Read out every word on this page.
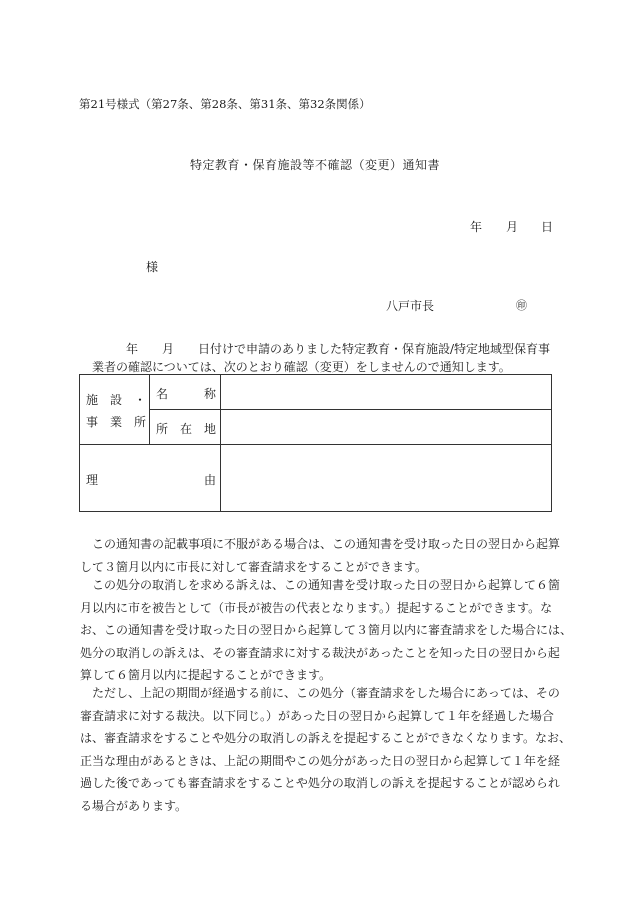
第21号様式（第27条、第28条、第31条、第32条関係）
特定教育・保育施設等不確認（変更）通知書
年 月 日
様
八戸市長	㊞
年 月 日付けで申請のありました特定教育・保育施設/特定地域型保育事
業者の確認については、次のとおり確認（変更）をしませんので通知します。
施　設　・
事　業　所
名　　　称
所　在　地
理	由
この通知書の記載事項に不服がある場合は、この通知書を受け取った日の翌日から起算
して３箇月以内に市長に対して審査請求をすることができます。
この処分の取消しを求める訴えは、この通知書を受け取った日の翌日から起算して６箇
月以内に市を被告として（市長が被告の代表となります。）提起することができます。な
お、この通知書を受け取った日の翌日から起算して３箇月以内に審査請求をした場合には、
処分の取消しの訴えは、その審査請求に対する裁決があったことを知った日の翌日から起
算して６箇月以内に提起することができます。
ただし、上記の期間が経過する前に、この処分（審査請求をした場合にあっては、その
審査請求に対する裁決。以下同じ。）があった日の翌日から起算して１年を経過した場合
は、審査請求をすることや処分の取消しの訴えを提起することができなくなります。なお、
正当な理由があるときは、上記の期間やこの処分があった日の翌日から起算して１年を経
過した後であっても審査請求をすることや処分の取消しの訴えを提起することが認められ
る場合があります。
